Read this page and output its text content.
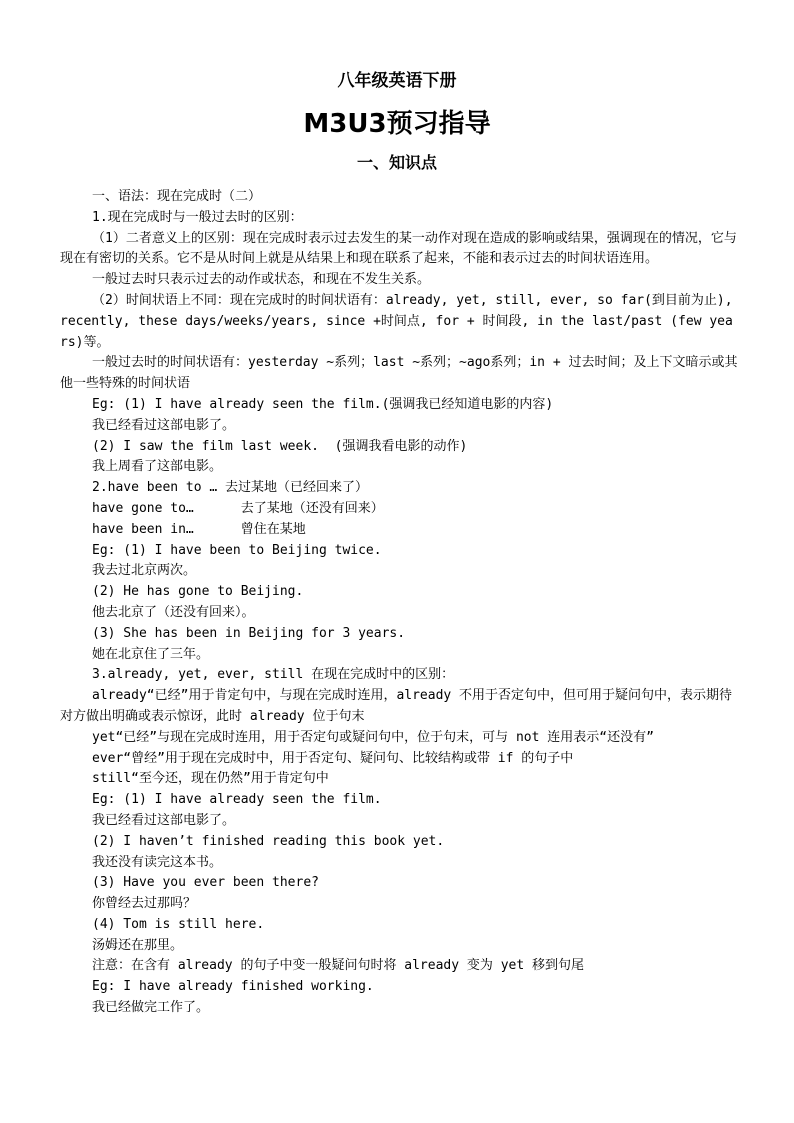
八年级英语下册
M3U3预习指导
一、知识点

一、语法：现在完成时（二）

1.现在完成时与一般过去时的区别：

（1）二者意义上的区别：现在完成时表示过去发生的某一动作对现在造成的影响或结果，强调现在的情况，它与现在有密切的关系。它不是从时间上就是从结果上和现在联系了起来，不能和表示过去的时间状语连用。

一般过去时只表示过去的动作或状态，和现在不发生关系。

（2）时间状语上不同：现在完成时的时间状语有：already, yet, still, ever, so far(到目前为止), recently, these days/weeks/years, since +时间点, for + 时间段, in the last/past (few years)等。

一般过去时的时间状语有：yesterday ~系列；last ~系列；~ago系列；in + 过去时间；及上下文暗示或其他一些特殊的时间状语

Eg: (1) I have already seen the film.(强调我已经知道电影的内容)

我已经看过这部电影了。

(2) I saw the film last week.  (强调我看电影的动作)

我上周看了这部电影。

2.have been to … 去过某地（已经回来了）

have gone to…      去了某地（还没有回来）

have been in…      曾住在某地

Eg: (1) I have been to Beijing twice.

我去过北京两次。

(2) He has gone to Beijing.

他去北京了（还没有回来）。

(3) She has been in Beijing for 3 years.

她在北京住了三年。

3.already, yet, ever, still 在现在完成时中的区别：

already“已经”用于肯定句中，与现在完成时连用，already 不用于否定句中，但可用于疑问句中，表示期待对方做出明确或表示惊讶，此时 already 位于句末

yet“已经”与现在完成时连用，用于否定句或疑问句中，位于句末，可与 not 连用表示“还没有”

ever“曾经”用于现在完成时中，用于否定句、疑问句、比较结构或带 if 的句子中

still“至今还，现在仍然”用于肯定句中

Eg: (1) I have already seen the film.

我已经看过这部电影了。

(2) I haven’t finished reading this book yet.

我还没有读完这本书。

(3) Have you ever been there?

你曾经去过那吗？

(4) Tom is still here.

汤姆还在那里。

注意：在含有 already 的句子中变一般疑问句时将 already 变为 yet 移到句尾

Eg: I have already finished working.

我已经做完工作了。
